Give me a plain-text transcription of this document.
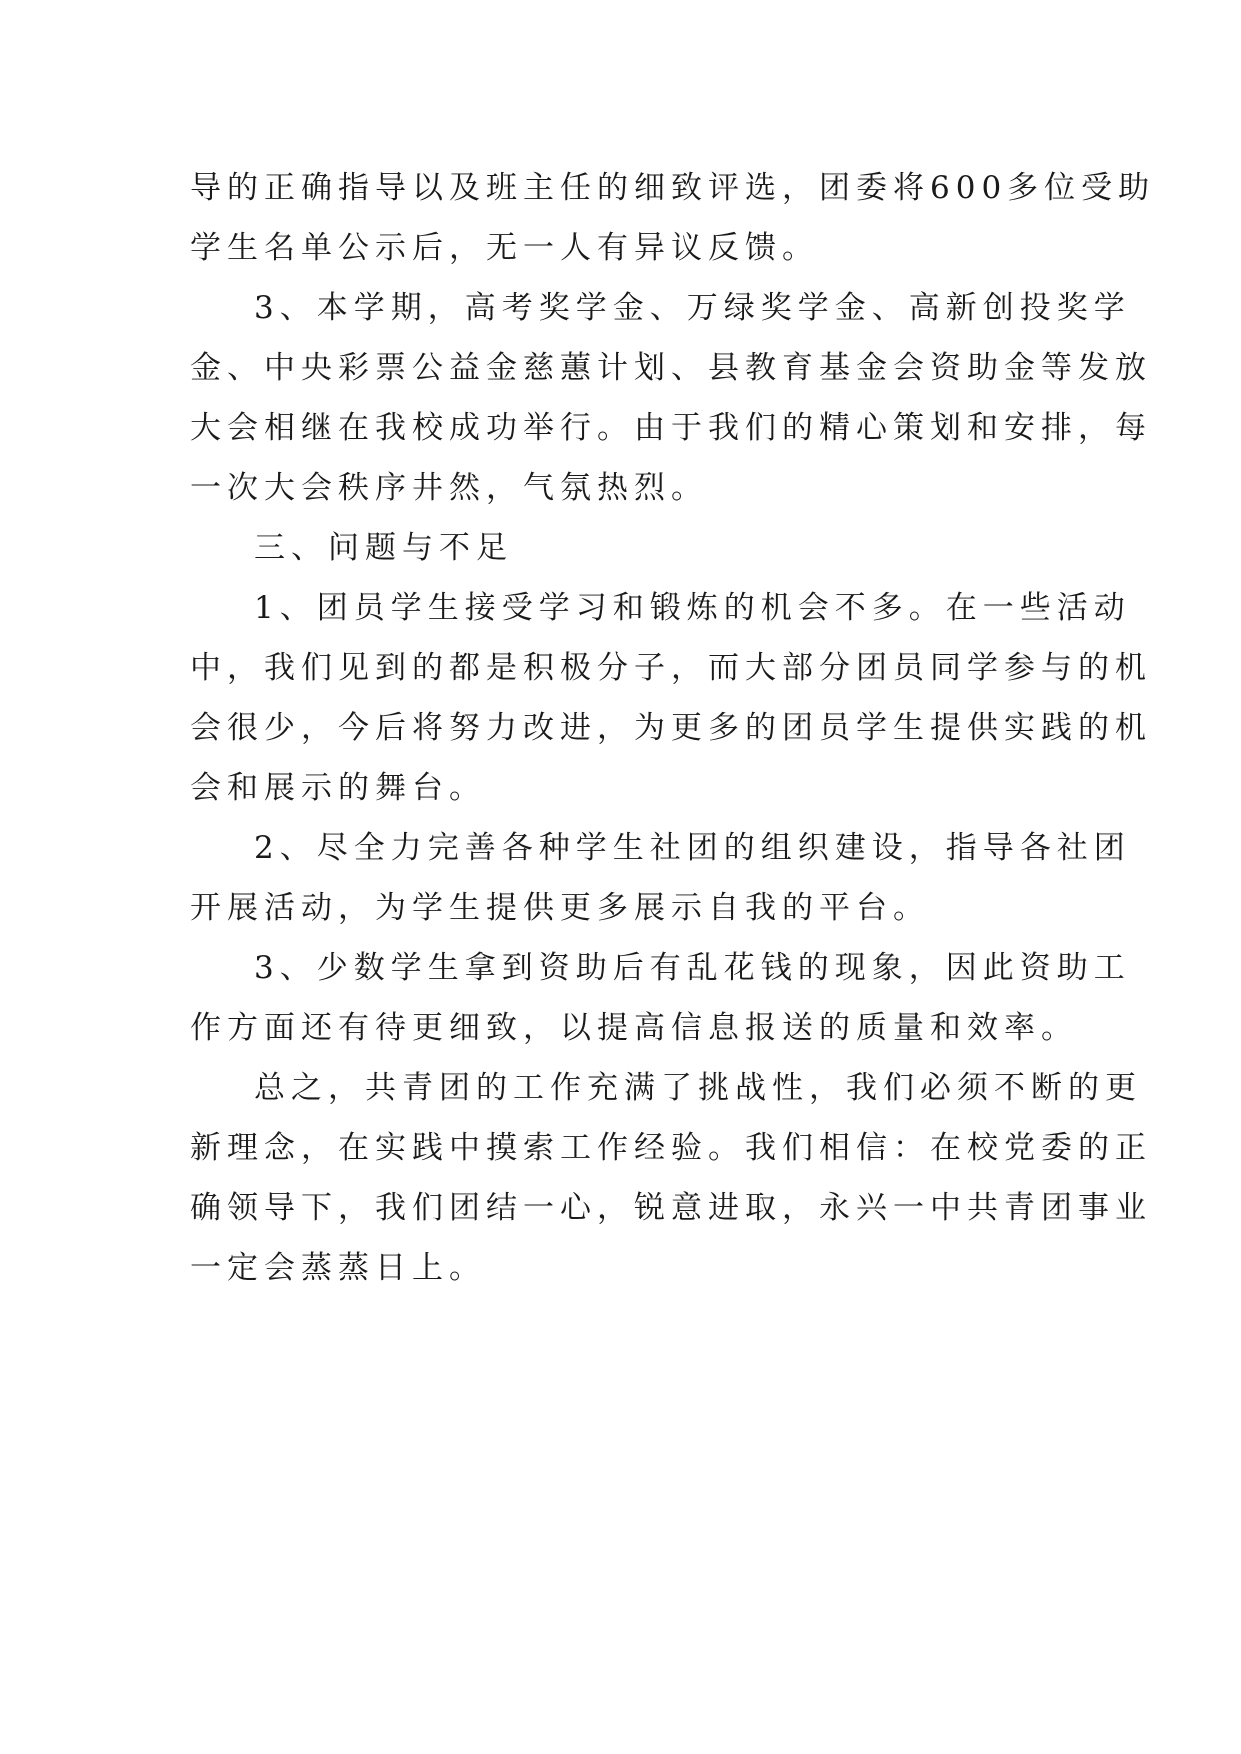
导的正确指导以及班主任的细致评选，团委将600多位受助

学生名单公示后，无一人有异议反馈。

3、本学期，高考奖学金、万绿奖学金、高新创投奖学

金、中央彩票公益金慈蕙计划、县教育基金会资助金等发放

大会相继在我校成功举行。由于我们的精心策划和安排，每

一次大会秩序井然，气氛热烈。

三、问题与不足

1、团员学生接受学习和锻炼的机会不多。在一些活动

中，我们见到的都是积极分子，而大部分团员同学参与的机

会很少，今后将努力改进，为更多的团员学生提供实践的机

会和展示的舞台。

2、尽全力完善各种学生社团的组织建设，指导各社团

开展活动，为学生提供更多展示自我的平台。

3、少数学生拿到资助后有乱花钱的现象，因此资助工

作方面还有待更细致，以提高信息报送的质量和效率。

总之，共青团的工作充满了挑战性，我们必须不断的更

新理念，在实践中摸索工作经验。我们相信：在校党委的正

确领导下，我们团结一心，锐意进取，永兴一中共青团事业

一定会蒸蒸日上。
